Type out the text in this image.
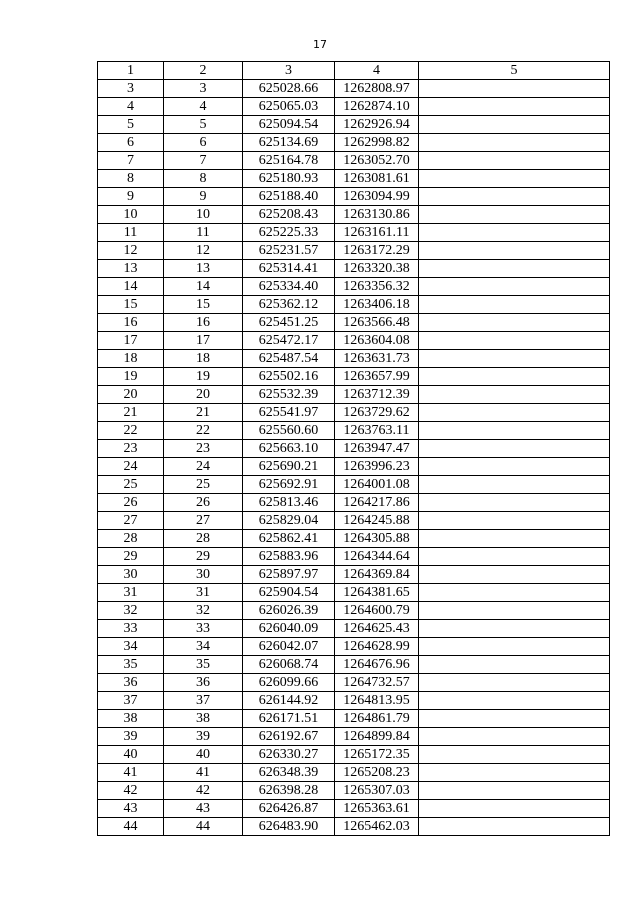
17
1	2	3	4	5
3	3	625028.66	1262808.97	
4	4	625065.03	1262874.10	
5	5	625094.54	1262926.94	
6	6	625134.69	1262998.82	
7	7	625164.78	1263052.70	
8	8	625180.93	1263081.61	
9	9	625188.40	1263094.99	
10	10	625208.43	1263130.86	
11	11	625225.33	1263161.11	
12	12	625231.57	1263172.29	
13	13	625314.41	1263320.38	
14	14	625334.40	1263356.32	
15	15	625362.12	1263406.18	
16	16	625451.25	1263566.48	
17	17	625472.17	1263604.08	
18	18	625487.54	1263631.73	
19	19	625502.16	1263657.99	
20	20	625532.39	1263712.39	
21	21	625541.97	1263729.62	
22	22	625560.60	1263763.11	
23	23	625663.10	1263947.47	
24	24	625690.21	1263996.23	
25	25	625692.91	1264001.08	
26	26	625813.46	1264217.86	
27	27	625829.04	1264245.88	
28	28	625862.41	1264305.88	
29	29	625883.96	1264344.64	
30	30	625897.97	1264369.84	
31	31	625904.54	1264381.65	
32	32	626026.39	1264600.79	
33	33	626040.09	1264625.43	
34	34	626042.07	1264628.99	
35	35	626068.74	1264676.96	
36	36	626099.66	1264732.57	
37	37	626144.92	1264813.95	
38	38	626171.51	1264861.79	
39	39	626192.67	1264899.84	
40	40	626330.27	1265172.35	
41	41	626348.39	1265208.23	
42	42	626398.28	1265307.03	
43	43	626426.87	1265363.61	
44	44	626483.90	1265462.03	
